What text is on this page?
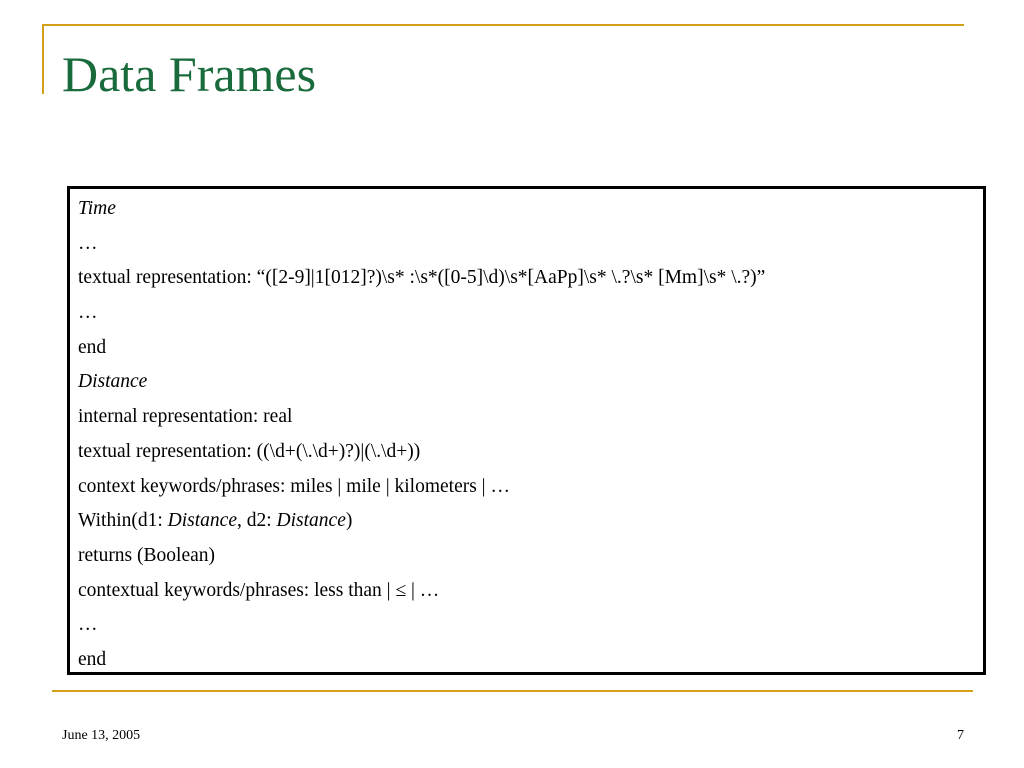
Data Frames
Time
…
textual representation: “([2-9]|1[012]?)\s* :\s*([0-5]\d)\s*[AaPp]\s* \.?\s* [Mm]\s* \.?)”
…
end
Distance
internal representation: real
textual representation: ((\d+(\.\d+)?)|(\.\d+))
context keywords/phrases: miles | mile | kilometers | …
Within(d1: Distance, d2: Distance)
returns (Boolean)
contextual keywords/phrases: less than | ≤ | …
…
end
June 13, 2005	7
